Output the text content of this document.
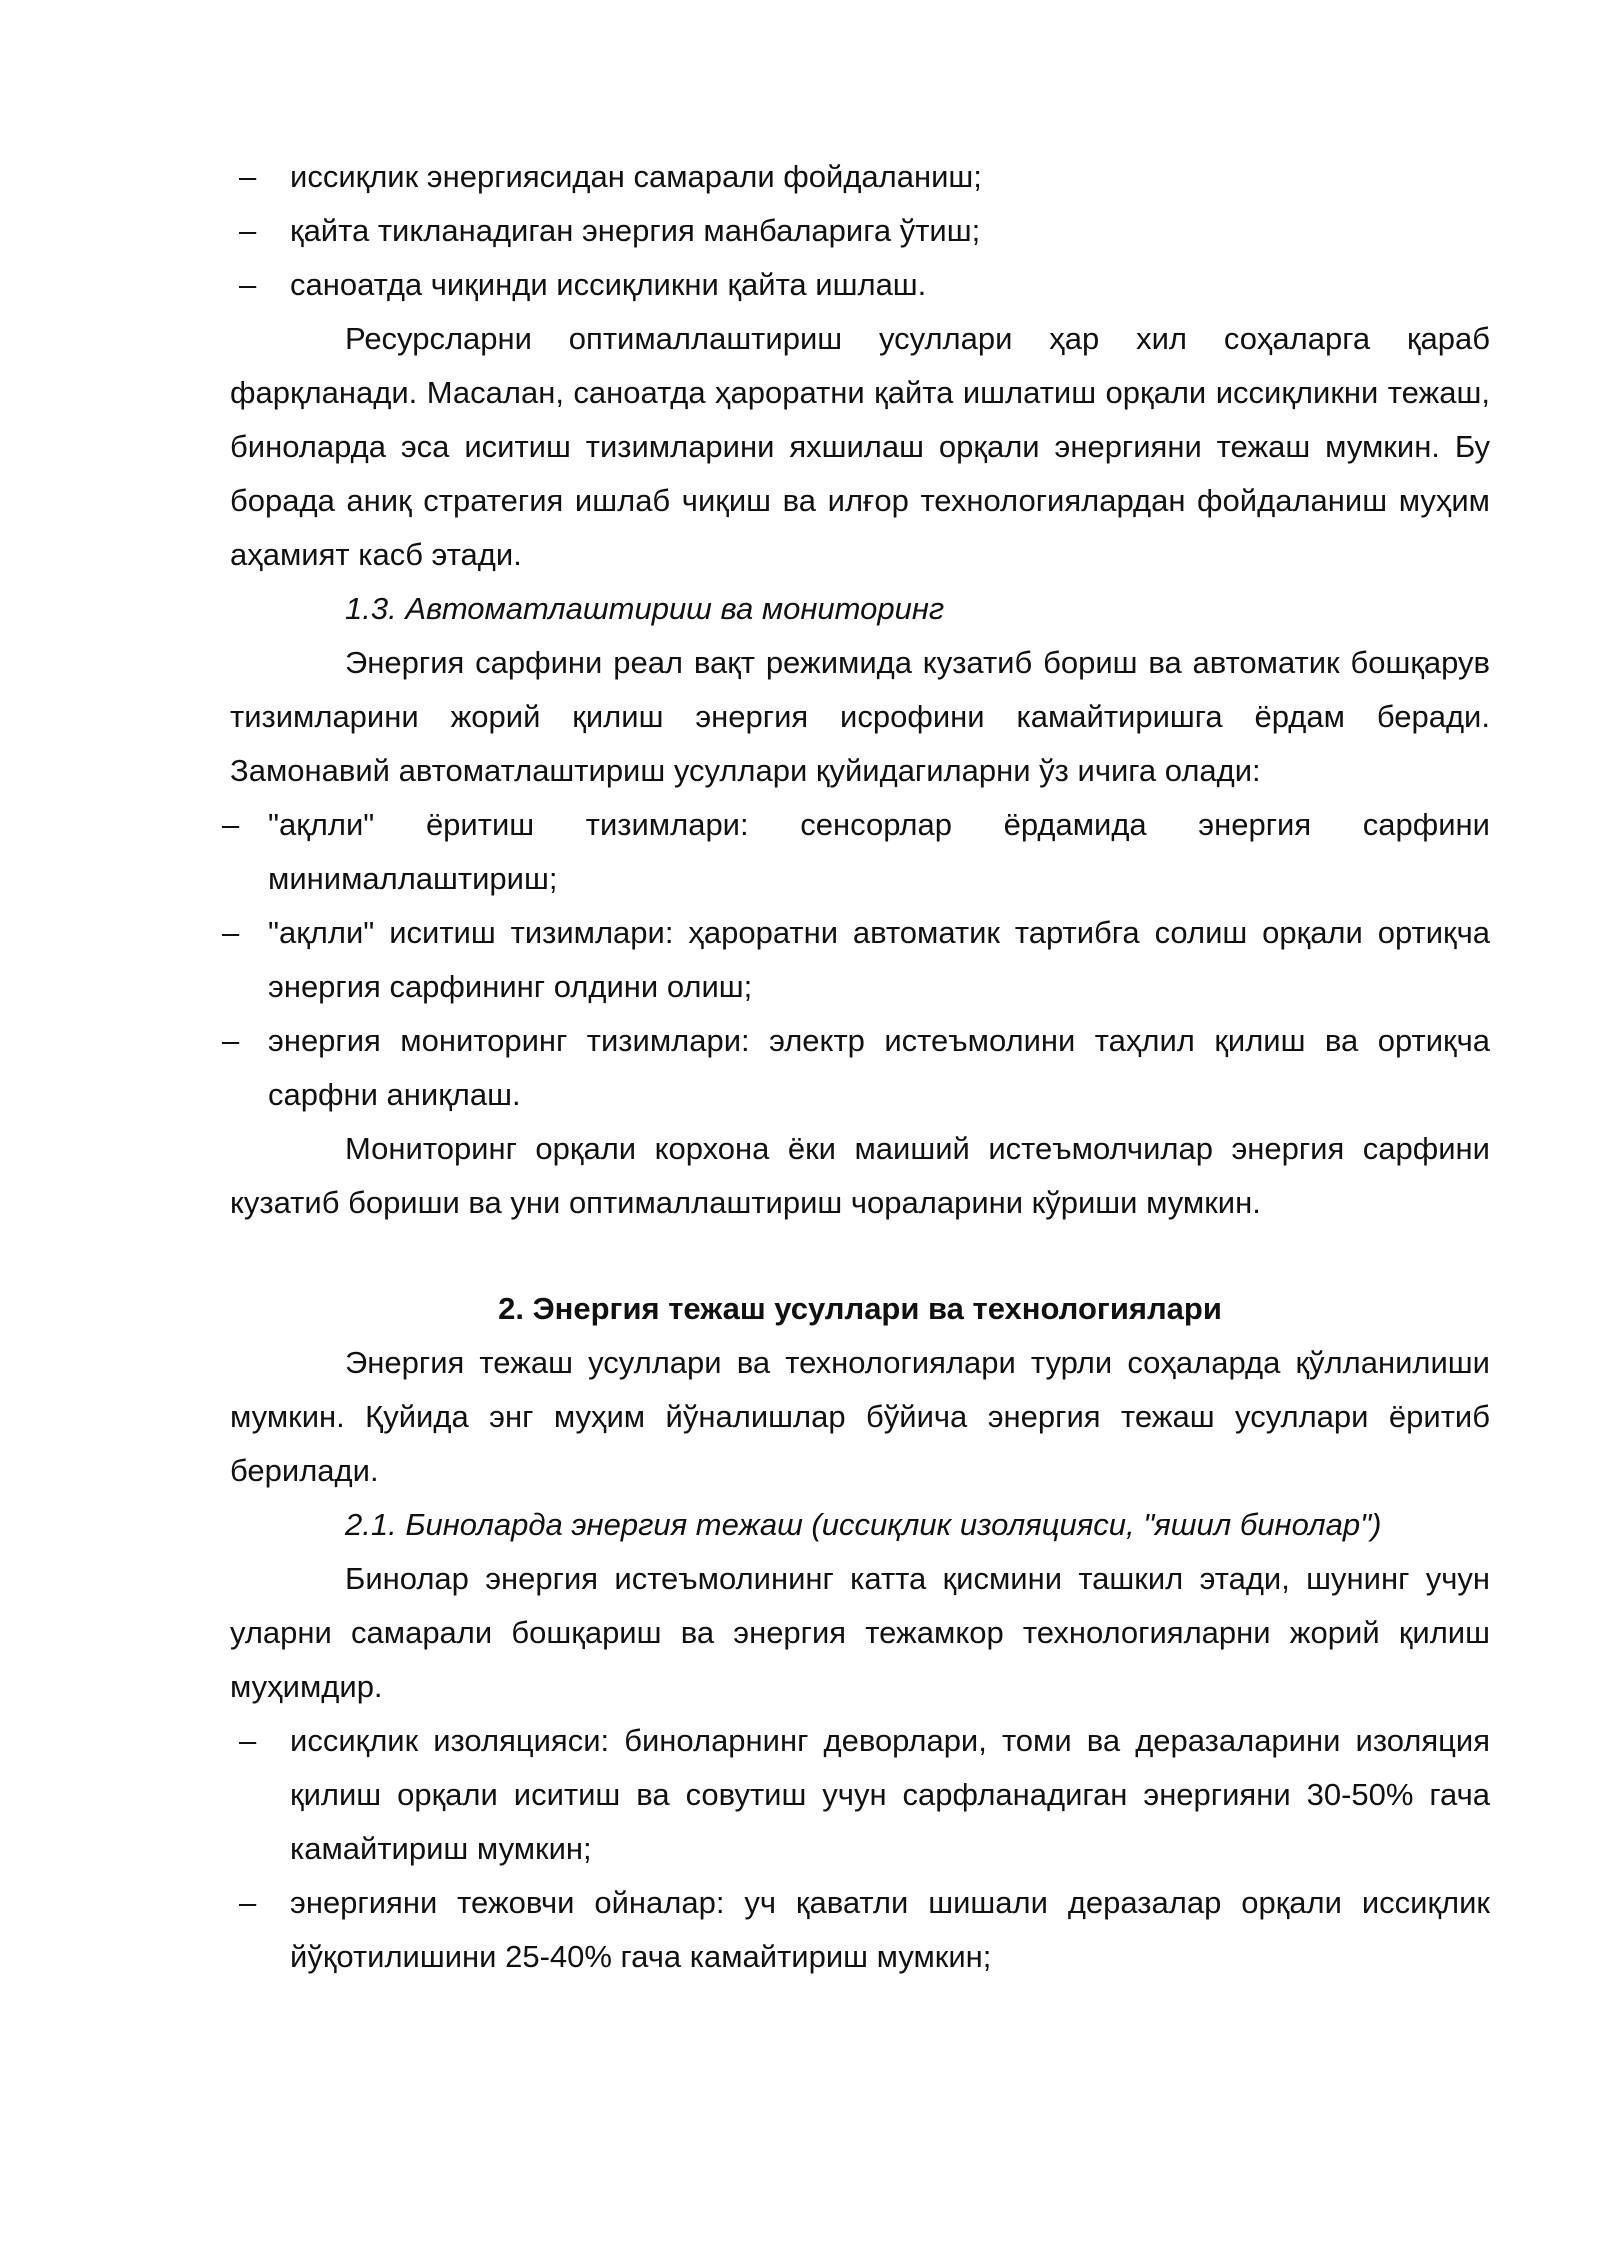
– иссиқлик энергиясидан самарали фойдаланиш;
– қайта тикланадиган энергия манбаларига ўтиш;
– саноатда чиқинди иссиқликни қайта ишлаш.

Ресурсларни оптималлаштириш усуллари ҳар хил соҳаларга қараб фарқланади. Масалан, саноатда ҳароратни қайта ишлатиш орқали иссиқликни тежаш, биноларда эса иситиш тизимларини яхшилаш орқали энергияни тежаш мумкин. Бу борада аниқ стратегия ишлаб чиқиш ва илғор технологиялардан фойдаланиш муҳим аҳамият касб этади.

1.3. Автоматлаштириш ва мониторинг

Энергия сарфини реал вақт режимида кузатиб бориш ва автоматик бошқарув тизимларини жорий қилиш энергия исрофини камайтиришга ёрдам беради. Замонавий автоматлаштириш усуллари қуйидагиларни ўз ичига олади:

– "ақлли" ёритиш тизимлари: сенсорлар ёрдамида энергия сарфини минималлаштириш;
– "ақлли" иситиш тизимлари: ҳароратни автоматик тартибга солиш орқали ортиқча энергия сарфининг олдини олиш;
– энергия мониторинг тизимлари: электр истеъмолини таҳлил қилиш ва ортиқча сарфни аниқлаш.

Мониторинг орқали корхона ёки маиший истеъмолчилар энергия сарфини кузатиб бориши ва уни оптималлаштириш чораларини кўриши мумкин.

2. Энергия тежаш усуллари ва технологиялари

Энергия тежаш усуллари ва технологиялари турли соҳаларда қўлланилиши мумкин. Қуйида энг муҳим йўналишлар бўйича энергия тежаш усуллари ёритиб берилади.

2.1. Биноларда энергия тежаш (иссиқлик изоляцияси, "яшил бинолар")

Бинолар энергия истеъмолининг катта қисмини ташкил этади, шунинг учун уларни самарали бошқариш ва энергия тежамкор технологияларни жорий қилиш муҳимдир.

– иссиқлик изоляцияси: биноларнинг деворлари, томи ва деразаларини изоляция қилиш орқали иситиш ва совутиш учун сарфланадиган энергияни 30-50% гача камайтириш мумкин;
– энергияни тежовчи ойналар: уч қаватли шишали деразалар орқали иссиқлик йўқотилишини 25-40% гача камайтириш мумкин;
